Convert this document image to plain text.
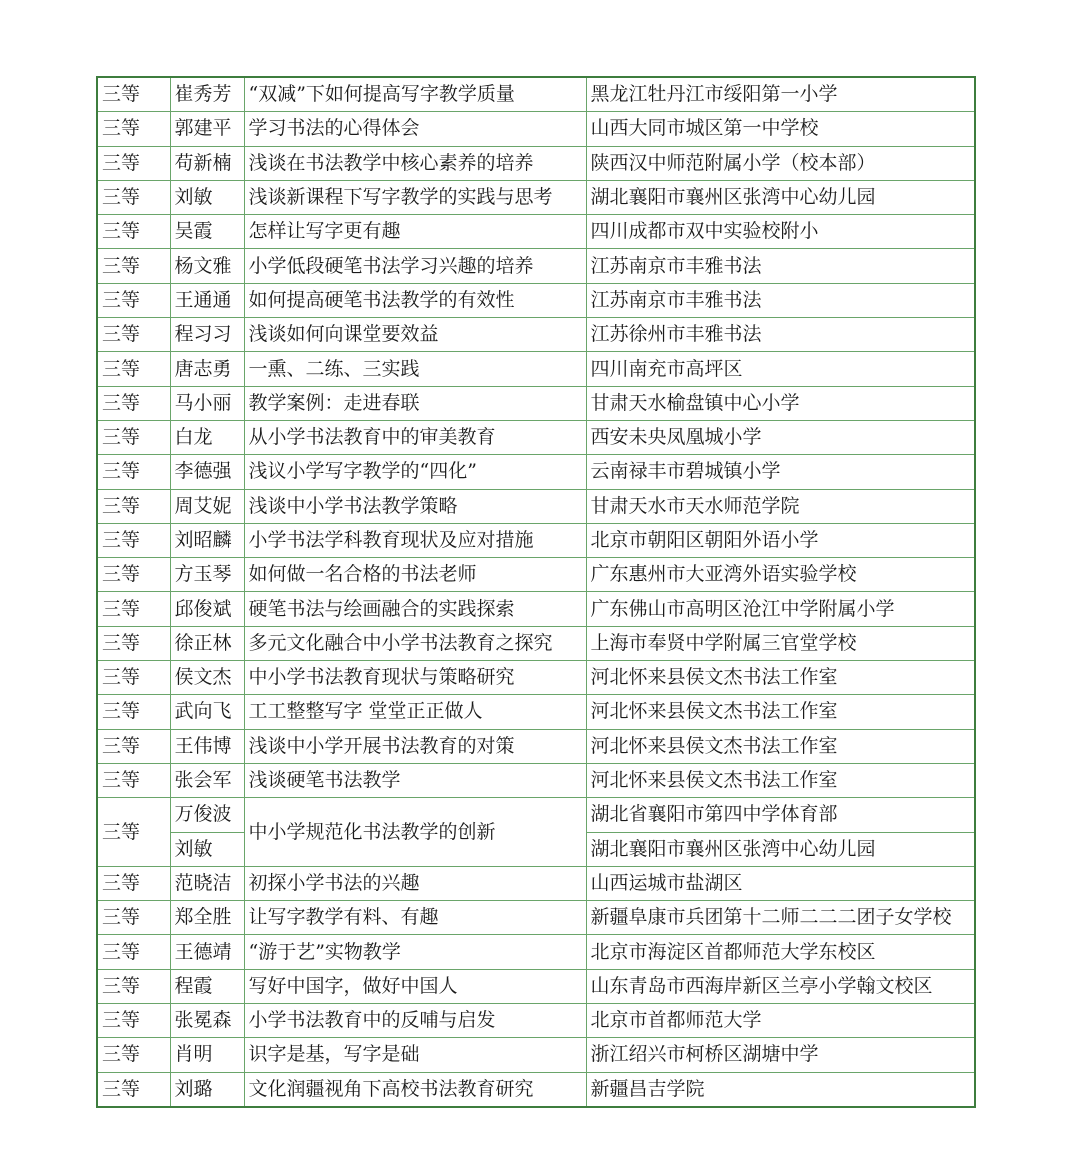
三等	崔秀芳	“双减”下如何提高写字教学质量	黑龙江牡丹江市绥阳第一小学
三等	郭建平	学习书法的心得体会	山西大同市城区第一中学校
三等	苟新楠	浅谈在书法教学中核心素养的培养	陕西汉中师范附属小学（校本部）
三等	刘敏	浅谈新课程下写字教学的实践与思考	湖北襄阳市襄州区张湾中心幼儿园
三等	吴霞	怎样让写字更有趣	四川成都市双中实验校附小
三等	杨文雅	小学低段硬笔书法学习兴趣的培养	江苏南京市丰雅书法
三等	王通通	如何提高硬笔书法教学的有效性	江苏南京市丰雅书法
三等	程习习	浅谈如何向课堂要效益	江苏徐州市丰雅书法
三等	唐志勇	一熏、二练、三实践	四川南充市高坪区
三等	马小丽	教学案例：走进春联	甘肃天水榆盘镇中心小学
三等	白龙	从小学书法教育中的审美教育	西安未央凤凰城小学
三等	李德强	浅议小学写字教学的“四化”	云南禄丰市碧城镇小学
三等	周艾妮	浅谈中小学书法教学策略	甘肃天水市天水师范学院
三等	刘昭麟	小学书法学科教育现状及应对措施	北京市朝阳区朝阳外语小学
三等	方玉琴	如何做一名合格的书法老师	广东惠州市大亚湾外语实验学校
三等	邱俊斌	硬笔书法与绘画融合的实践探索	广东佛山市高明区沧江中学附属小学
三等	徐正林	多元文化融合中小学书法教育之探究	上海市奉贤中学附属三官堂学校
三等	侯文杰	中小学书法教育现状与策略研究	河北怀来县侯文杰书法工作室
三等	武向飞	工工整整写字 堂堂正正做人	河北怀来县侯文杰书法工作室
三等	王伟博	浅谈中小学开展书法教育的对策	河北怀来县侯文杰书法工作室
三等	张会军	浅谈硬笔书法教学	河北怀来县侯文杰书法工作室
三等	万俊波	中小学规范化书法教学的创新	湖北省襄阳市第四中学体育部
	刘敏		湖北襄阳市襄州区张湾中心幼儿园
三等	范晓洁	初探小学书法的兴趣	山西运城市盐湖区
三等	郑全胜	让写字教学有料、有趣	新疆阜康市兵团第十二师二二二团子女学校
三等	王德靖	“游于艺”实物教学	北京市海淀区首都师范大学东校区
三等	程霞	写好中国字，做好中国人	山东青岛市西海岸新区兰亭小学翰文校区
三等	张冕森	小学书法教育中的反哺与启发	北京市首都师范大学
三等	肖明	识字是基，写字是础	浙江绍兴市柯桥区湖塘中学
三等	刘璐	文化润疆视角下高校书法教育研究	新疆昌吉学院
